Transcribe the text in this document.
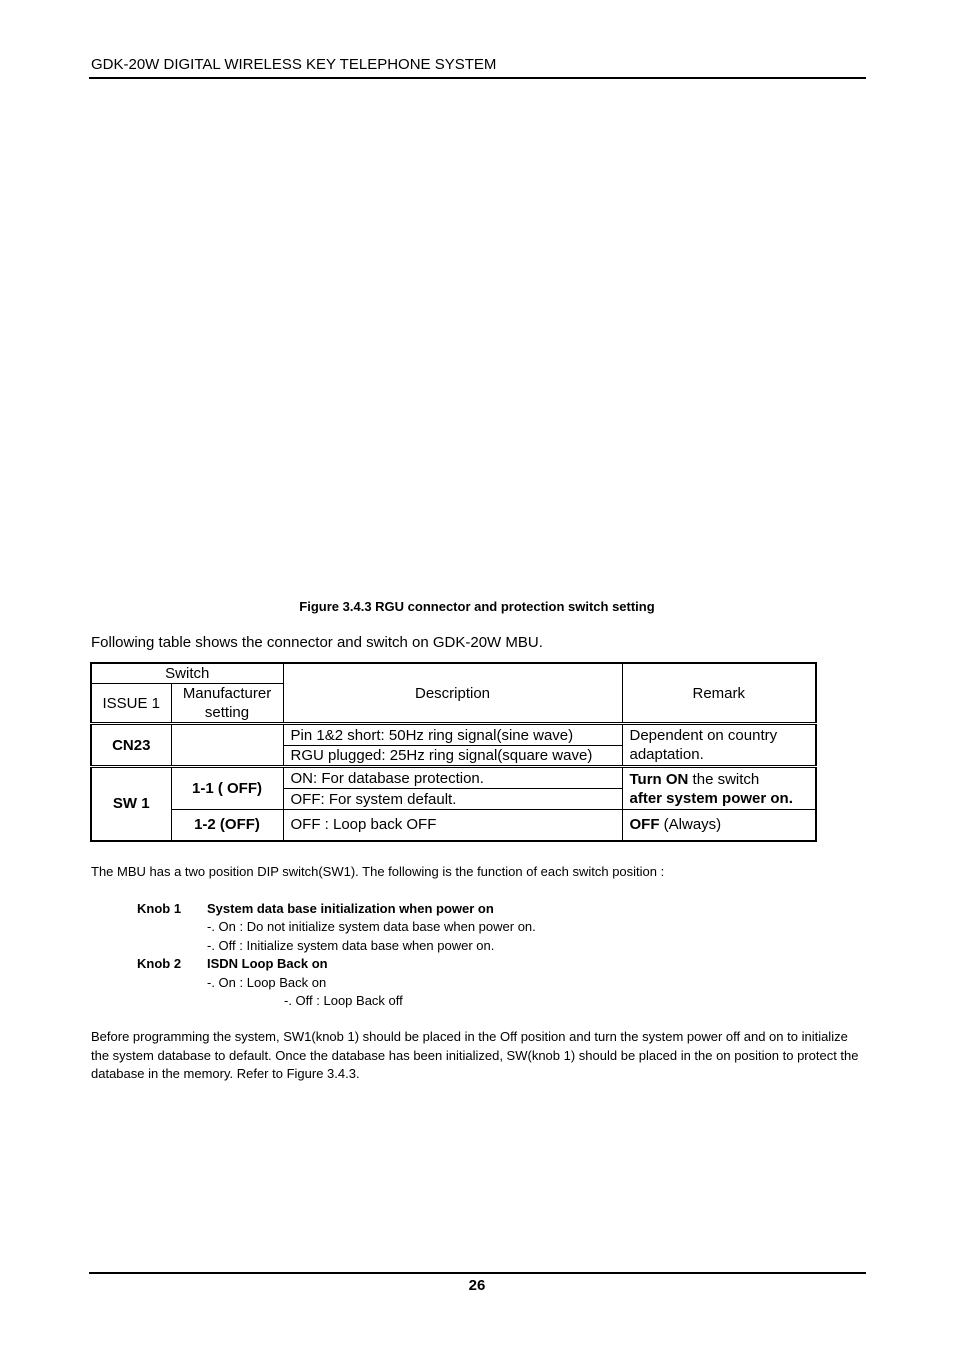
GDK-20W DIGITAL WIRELESS KEY TELEPHONE SYSTEM
Figure 3.4.3 RGU connector and protection switch setting
Following table shows the connector and switch on GDK-20W MBU.
Switch		Description	Remark
ISSUE 1	Manufacturer
setting		
CN23		Pin 1&2 short: 50Hz ring signal(sine wave)	Dependent on country
adaptation.
		RGU plugged: 25Hz ring signal(square wave)	
SW 1	1-1 ( OFF)	ON: For database protection.	Turn ON the switch
after system power on.
		OFF: For system default.	
	1-2 (OFF)	OFF : Loop back OFF	OFF (Always)
The MBU has a two position DIP switch(SW1). The following is the function of each switch position :
Knob 1 System data base initialization when power on
-. On : Do not initialize system data base when power on.
-. Off : Initialize system data base when power on.
Knob 2 ISDN Loop Back on
-. On : Loop Back on
-. Off : Loop Back off
Before programming the system, SW1(knob 1) should be placed in the Off position and turn the system power off and on to initialize the system database to default. Once the database has been initialized, SW(knob 1) should be placed in the on position to protect the database in the memory. Refer to Figure 3.4.3.
26
